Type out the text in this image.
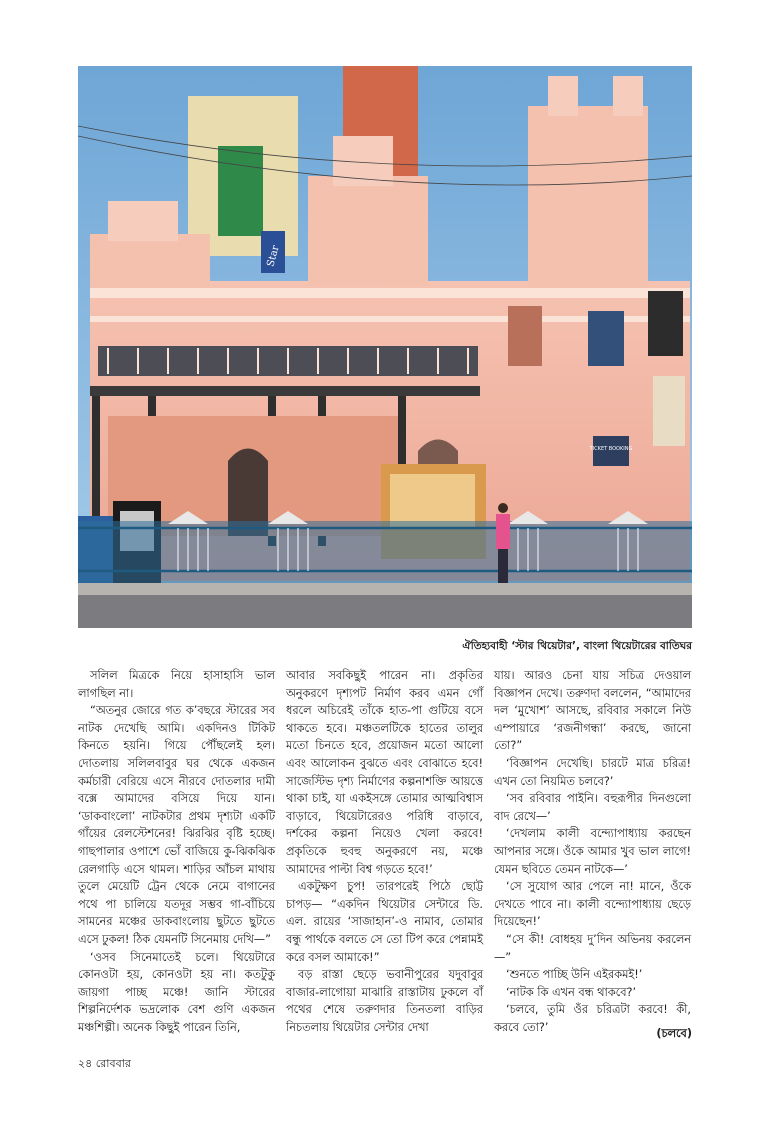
Star
TICKET BOOKING
ঐতিহ্যবাহী ‘স্টার থিয়েটার’, বাংলা থিয়েটারের বাতিঘর

সলিল মিত্রকে নিয়ে হাসাহাসি ভাল লাগছিল না।

“অতনুর জোরে গত ক’বছরে স্টারের সব নাটক দেখেছি আমি। একদিনও টিকিট কিনতে হয়নি। গিয়ে পৌঁছলেই হল। দোতলায় সলিলবাবুর ঘর থেকে একজন কর্মচারী বেরিয়ে এসে নীরবে দোতলার দামী বক্সে আমাদের বসিয়ে দিয়ে যান। ‘ডাকবাংলো’ নাটকটার প্রথম দৃশ্যটা একটি গাঁয়ের রেলস্টেশনের! ঝিরঝির বৃষ্টি হচ্ছে। গাছপালার ওপাশে ভোঁ বাজিয়ে কু-ঝিকঝিক রেলগাড়ি এসে থামল। শাড়ির আঁচল মাথায় তুলে মেয়েটি ট্রেন থেকে নেমে বাগানের পথে পা চালিয়ে যতদূর সম্ভব গা-বাঁচিয়ে সামনের মঞ্চের ডাকবাংলোয় ছুটতে ছুটতে এসে ঢুকল! ঠিক যেমনটি সিনেমায় দেখি—”

‘ওসব সিনেমাতেই চলে। থিয়েটারে কোনওটা হয়, কোনওটা হয় না। কতটুকু জায়গা পাচ্ছ মঞ্চে! জানি স্টারের শিল্পনির্দেশক ভদ্রলোক বেশ গুণি একজন মঞ্চশিল্পী। অনেক কিছুই পারেন তিনি,

আবার সবকিছুই পারেন না। প্রকৃতির অনুকরণে দৃশ্যপট নির্মাণ করব এমন গোঁ ধরলে অচিরেই তাঁকে হাত-পা গুটিয়ে বসে থাকতে হবে। মঞ্চতলটিকে হাতের তালুর মতো চিনতে হবে, প্রয়োজন মতো আলো এবং আলোকন বুঝতে এবং বোঝাতে হবে! সাজেস্টিভ দৃশ্য নির্মাণের কল্পনাশক্তি আয়ত্তে থাকা চাই, যা একইসঙ্গে তোমার আত্মবিশ্বাস বাড়াবে, থিয়েটারেরও পরিধি বাড়াবে, দর্শকের কল্পনা নিয়েও খেলা করবে! প্রকৃতিকে হুবহু অনুকরণে নয়, মঞ্চে আমাদের পাল্টা বিশ্ব গড়তে হবে!’

একটুক্ষণ চুপ! তারপরেই পিঠে ছোট্ট চাপড়— “একদিন থিয়েটার সেন্টারে ডি. এল. রায়ের ‘সাজাহান’-ও নামাব, তোমার বন্ধু পার্থকে বলতে সে তো টিপ করে পেন্নামই করে বসল আমাকে!”

বড় রাস্তা ছেড়ে ভবানীপুরের যদুবাবুর বাজার-লাগোয়া মাঝারি রাস্তাটায় ঢুকলে বাঁ পথের শেষে তরুণদার তিনতলা বাড়ির নিচতলায় থিয়েটার সেন্টার দেখা

যায়। আরও চেনা যায় সচিত্র দেওয়াল বিজ্ঞাপন দেখে। তরুণদা বললেন, “আমাদের দল ‘মুখোশ’ আসছে, রবিবার সকালে নিউ এম্পায়ারে ‘রজনীগন্ধা’ করছে, জানো তো?”

‘বিজ্ঞাপন দেখেছি। চারটে মাত্র চরিত্র! এখন তো নিয়মিত চলবে?’

‘সব রবিবার পাইনি। বহুরূপীর দিনগুলো বাদ রেখে—’

‘দেখলাম কালী বন্দ্যোপাধ্যায় করছেন আপনার সঙ্গে। ওঁকে আমার খুব ভাল লাগে! যেমন ছবিতে তেমন নাটকে—’

‘সে সুযোগ আর পেলে না! মানে, ওঁকে দেখতে পাবে না। কালী বন্দ্যোপাধ্যায় ছেড়ে দিয়েছেন!’

“সে কী! বোধহয় দু’দিন অভিনয় করলেন—”

‘শুনতে পাচ্ছি উনি এইরকমই!’

‘নাটক কি এখন বন্ধ থাকবে?’

‘চলবে, তুমি ওঁর চরিত্রটা করবে! কী, করবে তো?’	(চলবে)
২৪ রোববার
